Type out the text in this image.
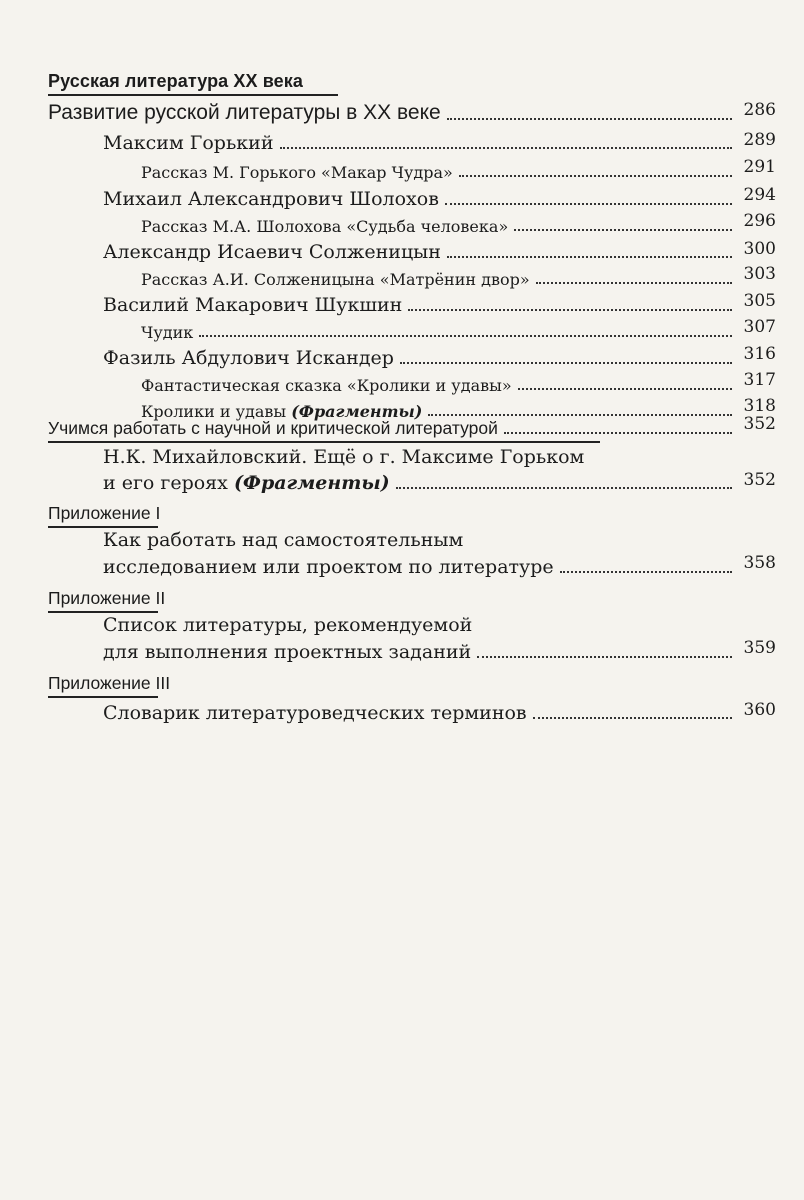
Русская литература XX века
Развитие русской литературы в XX веке	286
Максим Горький	289
Рассказ М. Горького «Макар Чудра»	291
Михаил Александрович Шолохов	294
Рассказ М.А. Шолохова «Судьба человека»	296
Александр Исаевич Солженицын	300
Рассказ А.И. Солженицына «Матрёнин двор»	303
Василий Макарович Шукшин	305
Чудик	307
Фазиль Абдулович Искандер	316
Фантастическая сказка «Кролики и удавы»	317
Кролики и удавы (Фрагменты)	318
Учимся работать с научной и критической литературой	352
Н.К. Михайловский. Ещё о г. Максиме Горьком
и его героях (Фрагменты)	352
Приложение I
Как работать над самостоятельным
исследованием или проектом по литературе	358
Приложение II
Список литературы, рекомендуемой
для выполнения проектных заданий	359
Приложение III
Словарик литературоведческих терминов	360
